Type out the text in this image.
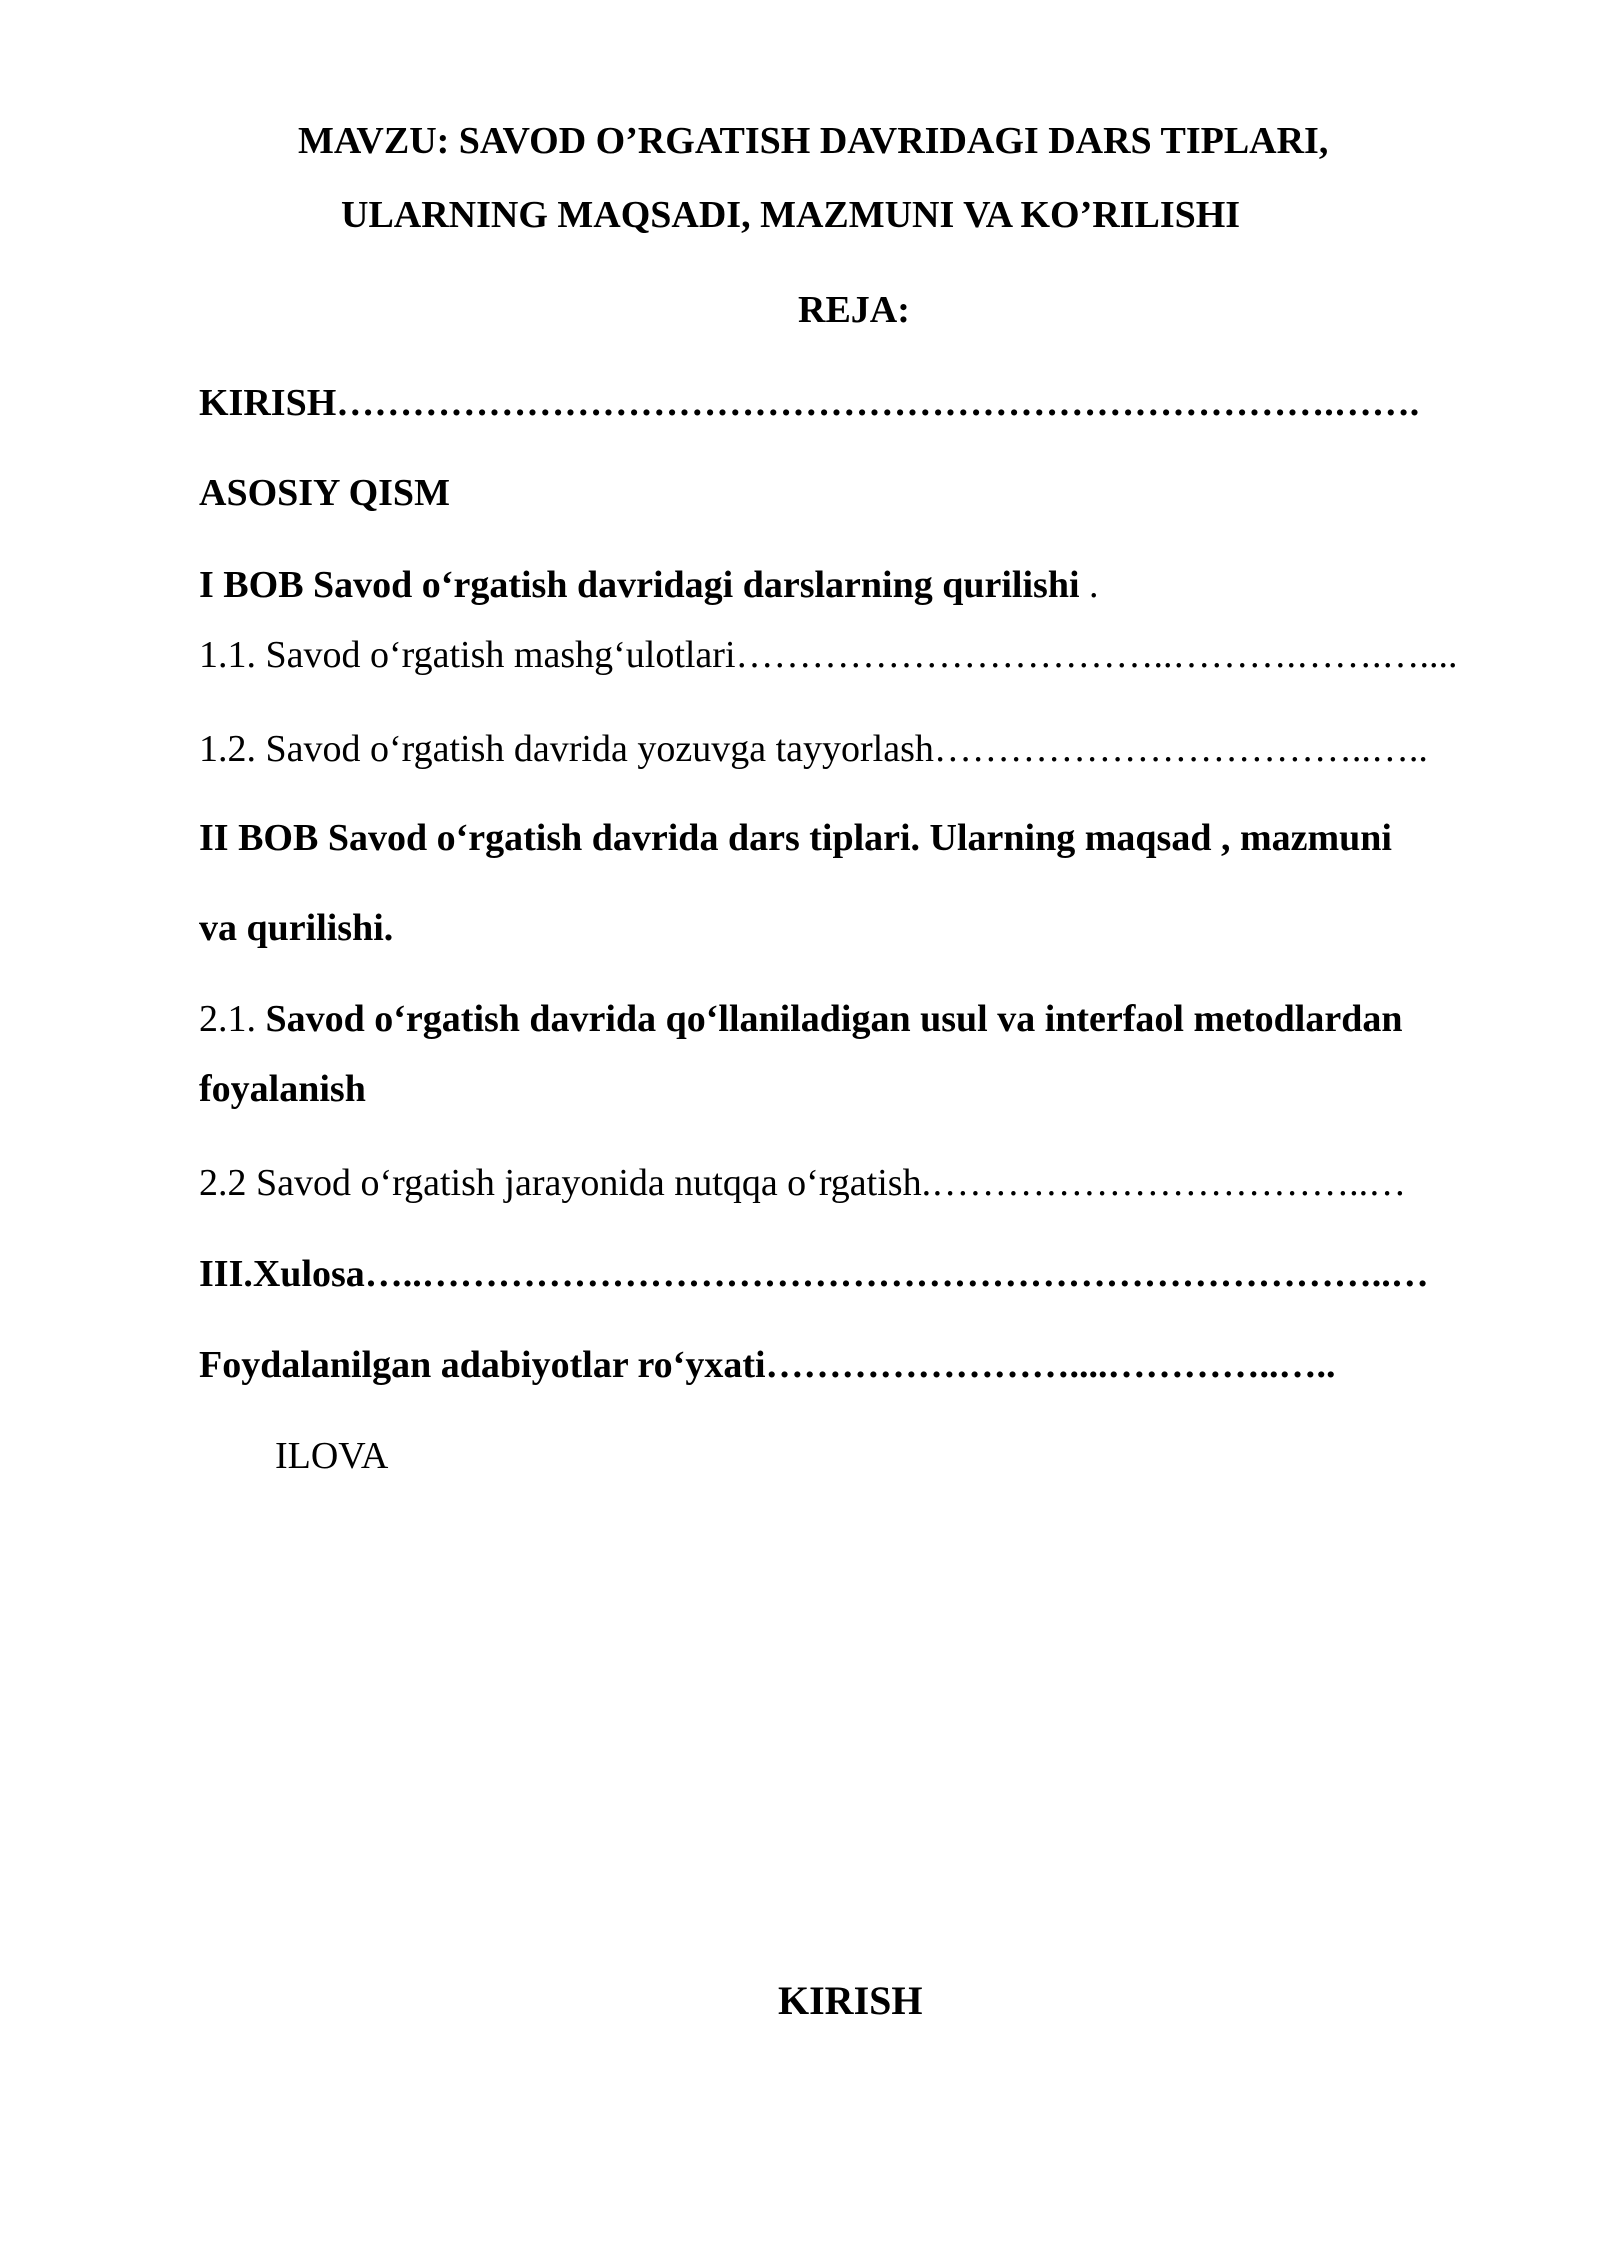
MAVZU: SAVOD O’RGATISH DAVRIDAGI DARS TIPLARI,
ULARNING MAQSADI, MAZMUNI VA KO’RILISHI
REJA:
KIRISH…………………………………………………………………….…….
ASOSIY QISM
I BOB Savod o‘rgatish davridagi darslarning qurilishi .
1.1. Savod o‘rgatish mashg‘ulotlari……………………………..……….…….…....
1.2. Savod o‘rgatish davrida yozuvga tayyorlash……………………………..…..
II BOB Savod o‘rgatish davrida dars tiplari. Ularning maqsad , mazmuni
va qurilishi.
2.1. Savod o‘rgatish davrida qo‘llaniladigan usul va interfaol metodlardan
foyalanish
2.2 Savod o‘rgatish jarayonida nutqqa o‘rgatish.……………………………..…
III.Xulosa…..…………………………………………………………………..…
Foydalanilgan adabiyotlar ro‘yxati……………………....…………..…..
ILOVA
KIRISH
